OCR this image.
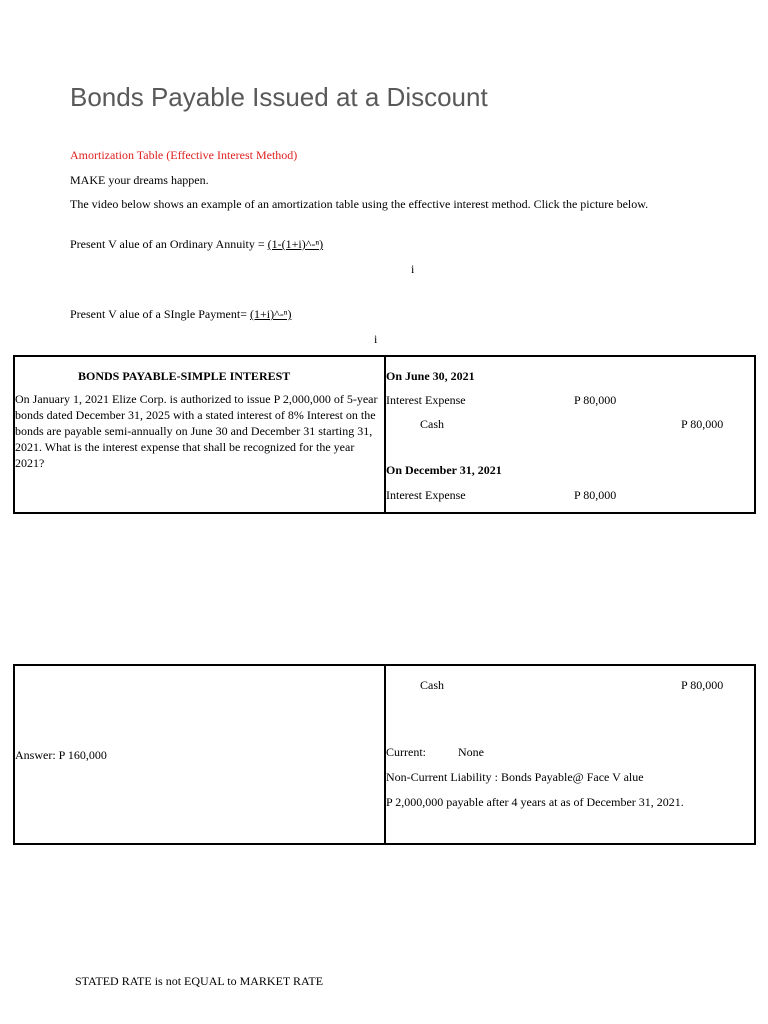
Bonds Payable Issued at a Discount
Amortization Table (Effective Interest Method)
MAKE your dreams happen.
The video below shows an example of an amortization table using the effective interest method. Click the picture below.
Present V alue of an Ordinary Annuity = (1-(1+i)^-ⁿ)
i
Present V alue of a SIngle Payment= (1+i)^-ⁿ)
i
BONDS PAYABLE-SIMPLE INTEREST
On January 1, 2021 Elize Corp. is authorized to issue P 2,000,000 of 5-year bonds dated December 31, 2025 with a stated interest of 8% Interest on the bonds are payable semi-annually on June 30 and December 31 starting 31, 2021. What is the interest expense that shall be recognized for the year 2021?
On June 30, 2021
Interest Expense	P 80,000
Cash	P 80,000
On December 31, 2021
Interest Expense	P 80,000
Cash	P 80,000
Answer: P 160,000	Current:	None
Non-Current Liability : Bonds Payable@ Face V alue
P 2,000,000 payable after 4 years at as of December 31, 2021.
STATED RATE is not EQUAL to MARKET RATE
